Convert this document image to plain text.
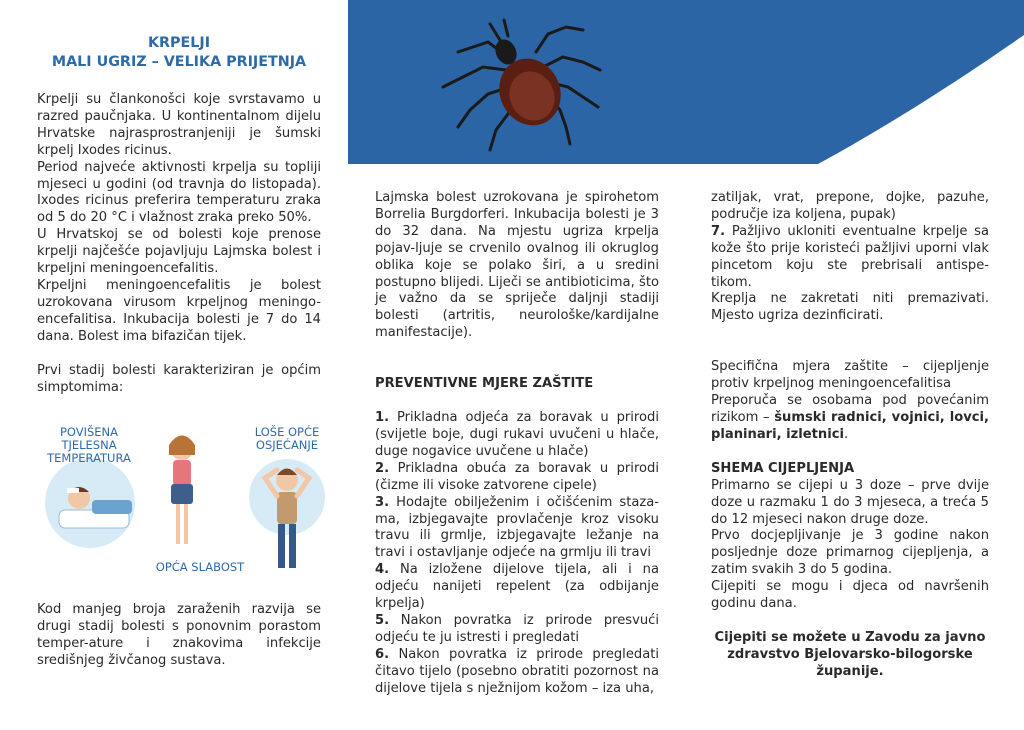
KRPELJI
MALI UGRIZ – VELIKA PRIJETNJA

Krpelji su člankonošci koje svrstavamo u razred paučnjaka. U kontinentalnom dijelu Hrvatske najrasprostranjeniji je šumski krpelj Ixodes ricinus.

Period najveće aktivnosti krpelja su topliji mjeseci u godini (od travnja do listopada). Ixodes ricinus preferira temperaturu zraka od 5 do 20 °C i vlažnost zraka preko 50%.

U Hrvatskoj se od bolesti koje prenose krpelji najčešće pojavljuju Lajmska bolest i krpeljni meningoencefalitis.

Krpeljni meningoencefalitis je bolest uzrokovana virusom krpeljnog meningo-encefalitisa. Inkubacija bolesti je 7 do 14 dana. Bolest ima bifazičan tijek.

Prvi stadij bolesti karakteriziran je općim simptomima:

POVIŠENA TJELESNA TEMPERATURA
LOŠE OPĆE OSJEĆANJE
OPĆA SLABOST

Kod manjeg broja zaraženih razvija se drugi stadij bolesti s ponovnim porastom temper-ature i znakovima infekcije središnjeg živčanog sustava.

Lajmska bolest uzrokovana je spirohetom Borrelia Burgdorferi. Inkubacija bolesti je 3 do 32 dana. Na mjestu ugriza krpelja pojav-ljuje se crvenilo ovalnog ili okruglog oblika koje se polako širi, a u sredini postupno blijedi. Liječi se antibioticima, što je važno da se spriječe daljnji stadiji bolesti (artritis, neurološke/kardijalne manifestacije).

PREVENTIVNE MJERE ZAŠTITE

1. Prikladna odjeća za boravak u prirodi (svijetle boje, dugi rukavi uvučeni u hlače, duge nogavice uvučene u hlače)

2. Prikladna obuća za boravak u prirodi (čizme ili visoke zatvorene cipele)

3. Hodajte obilježenim i očišćenim staza-ma, izbjegavajte provlačenje kroz visoku travu ili grmlje, izbjegavajte ležanje na travi i ostavljanje odjeće na grmlju ili travi

4. Na izložene dijelove tijela, ali i na odjeću nanijeti repelent (za odbijanje krpelja)

5. Nakon povratka iz prirode presvući odjeću te ju istresti i pregledati

6. Nakon povratka iz prirode pregledati čitavo tijelo (posebno obratiti pozornost na dijelove tijela s nježnijom kožom – iza uha,

zatiljak, vrat, prepone, dojke, pazuhe, područje iza koljena, pupak)

7. Pažljivo ukloniti eventualne krpelje sa kože što prije koristeći pažljivi uporni vlak pincetom koju ste prebrisali antispe-tikom.

Kreplja ne zakretati niti premazivati. Mjesto ugriza dezinficirati.

Specifična mjera zaštite – cijepljenje protiv krpeljnog meningoencefalitisa

Preporuča se osobama pod povećanim rizikom – šumski radnici, vojnici, lovci, planinari, izletnici.

SHEMA CIJEPLJENJA

Primarno se cijepi u 3 doze – prve dvije doze u razmaku 1 do 3 mjeseca, a treća 5 do 12 mjeseci nakon druge doze.

Prvo docjepljivanje je 3 godine nakon posljednje doze primarnog cijepljenja, a zatim svakih 3 do 5 godina.

Cijepiti se mogu i djeca od navršenih godinu dana.

Cijepiti se možete u Zavodu za javno zdravstvo Bjelovarsko-bilogorske županije.
